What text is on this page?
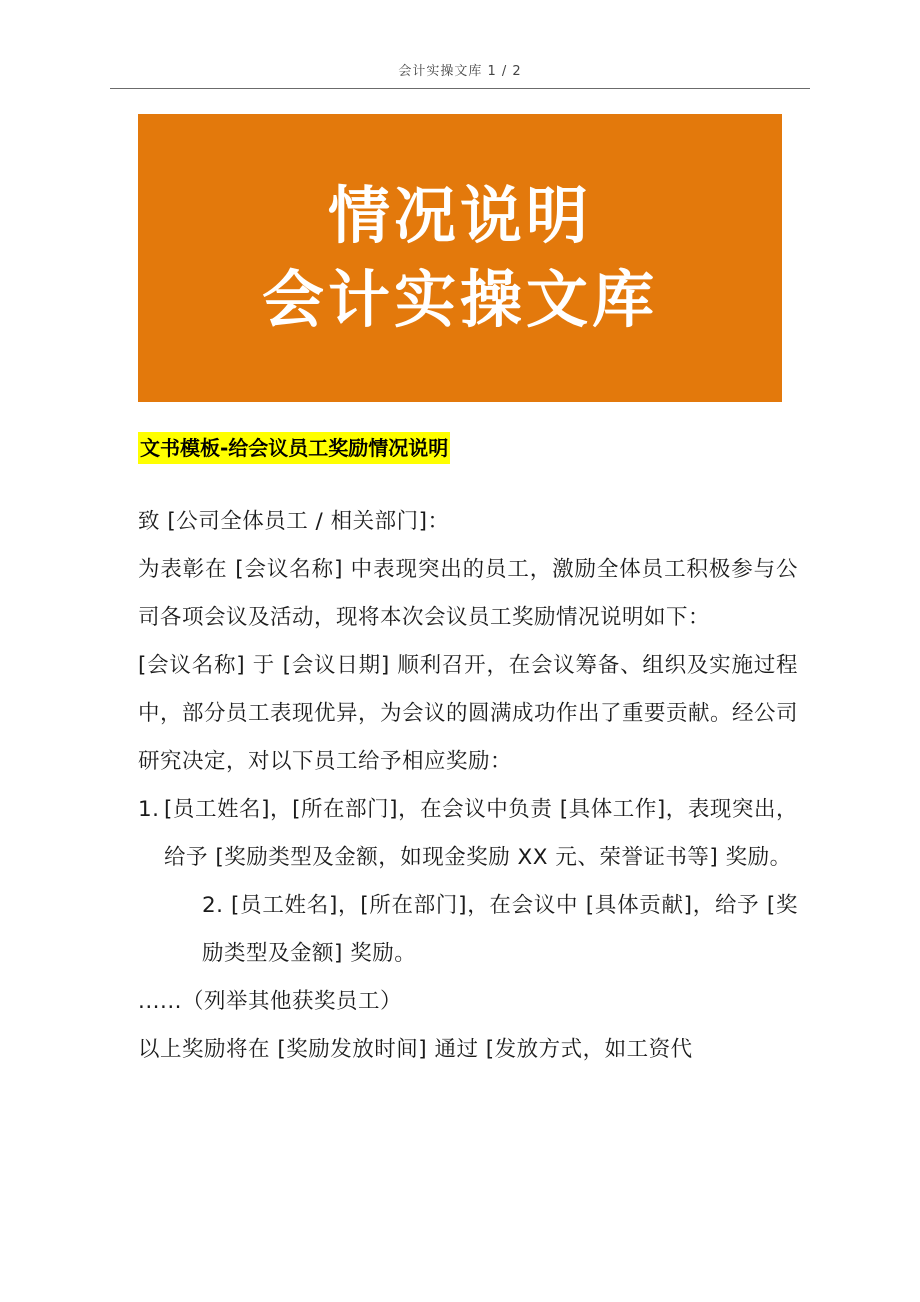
会计实操文库 1 / 2
情况说明
会计实操文库
文书模板-给会议员工奖励情况说明

致 [公司全体员工 / 相关部门]：

为表彰在 [会议名称] 中表现突出的员工，激励全体员工积极参与公司各项会议及活动，现将本次会议员工奖励情况说明如下：

[会议名称] 于 [会议日期] 顺利召开，在会议筹备、组织及实施过程中，部分员工表现优异，为会议的圆满成功作出了重要贡献。经公司研究决定，对以下员工给予相应奖励：

1. [员工姓名]，[所在部门]，在会议中负责 [具体工作]，表现突出，给予 [奖励类型及金额，如现金奖励 XX 元、荣誉证书等] 奖励。

2. [员工姓名]，[所在部门]，在会议中 [具体贡献]，给予 [奖励类型及金额] 奖励。

......（列举其他获奖员工）

以上奖励将在 [奖励发放时间] 通过 [发放方式，如工资代
